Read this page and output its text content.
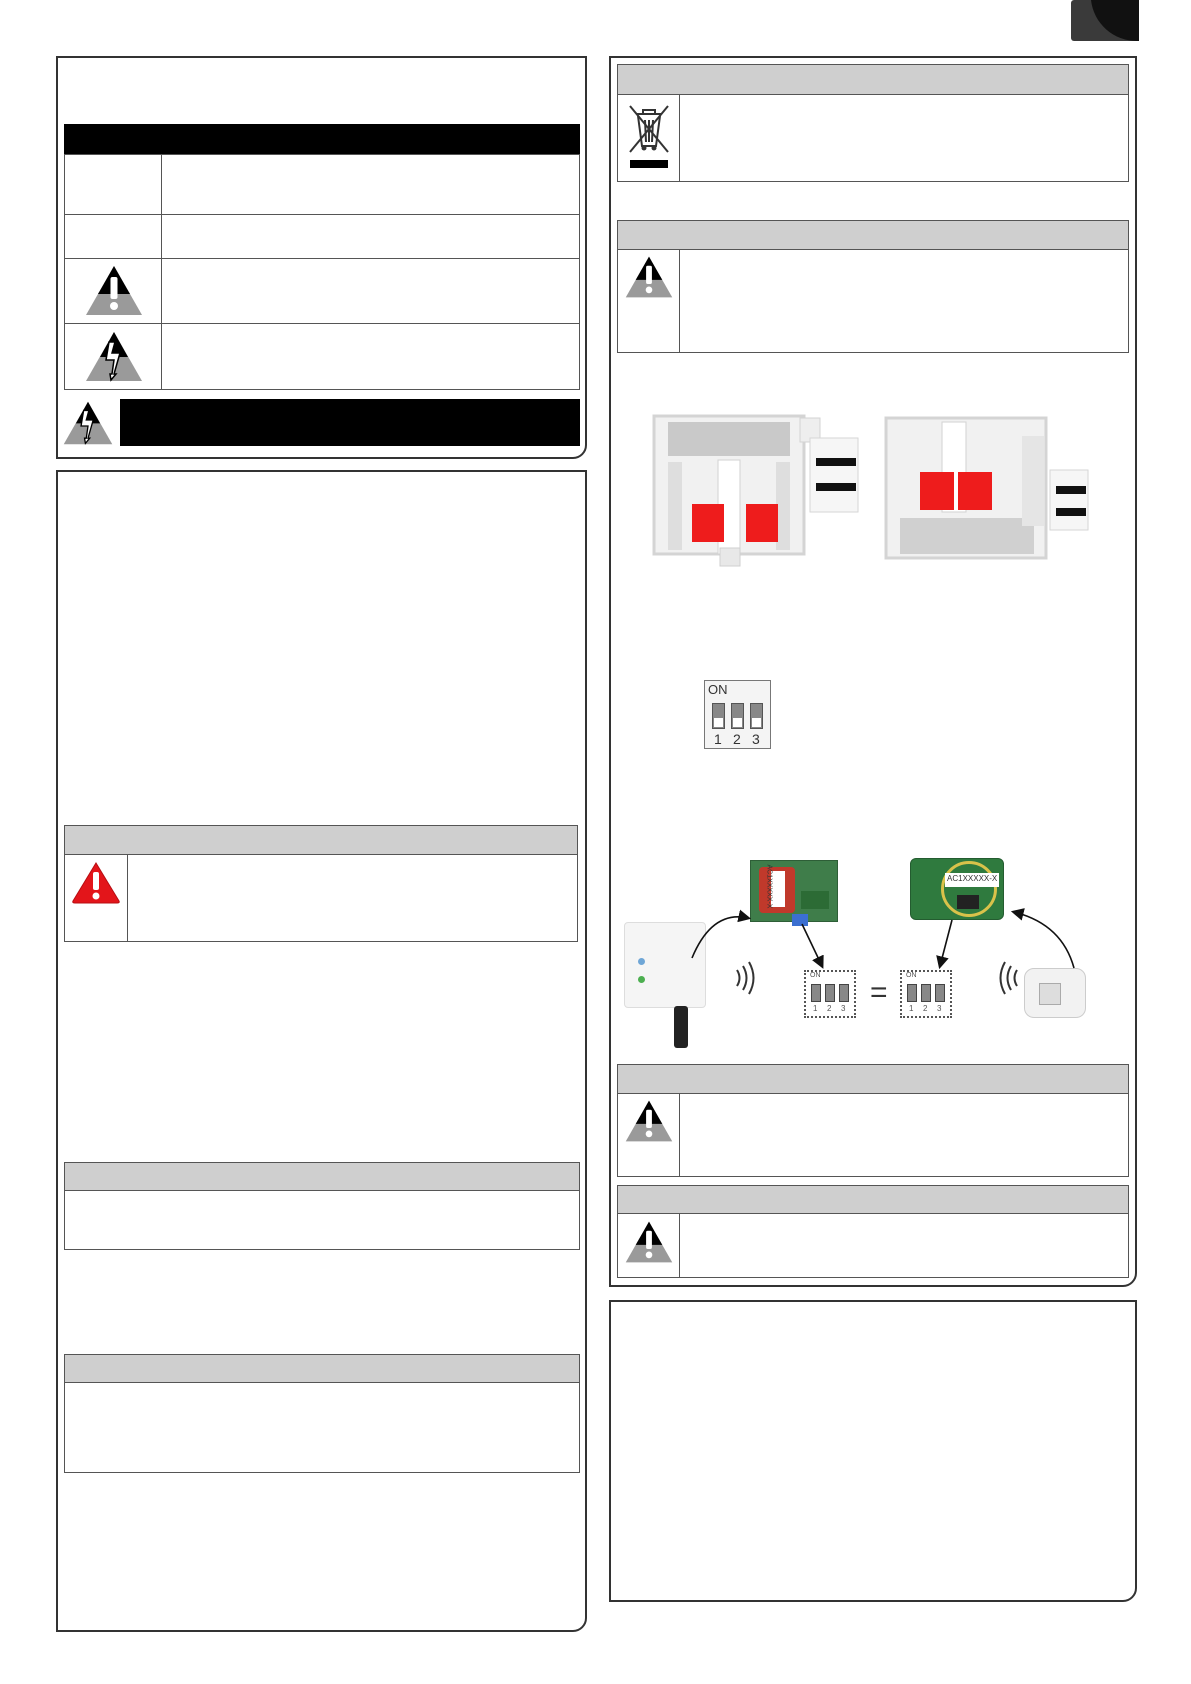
ON
1 2 3
AC1XXXXX-X
ON
1 2 3 =
ON
1 2 3
AC1XXXXX-X
